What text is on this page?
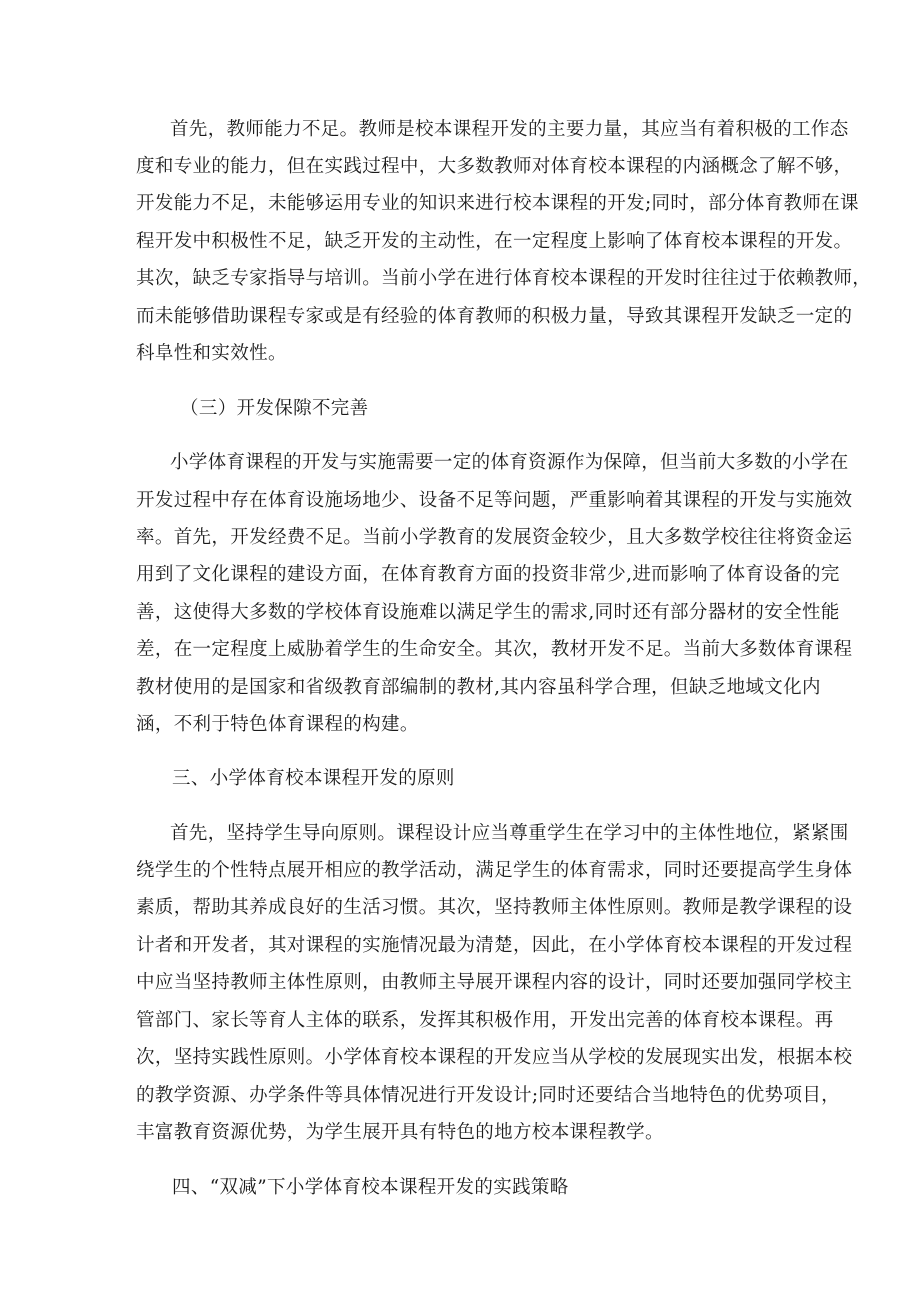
首先，教师能力不足。教师是校本课程开发的主要力量，其应当有着积极的工作态
度和专业的能力，但在实践过程中，大多数教师对体育校本课程的内涵概念了解不够，
开发能力不足，未能够运用专业的知识来进行校本课程的开发;同时，部分体育教师在课
程开发中积极性不足，缺乏开发的主动性，在一定程度上影响了体育校本课程的开发。
其次，缺乏专家指导与培训。当前小学在进行体育校本课程的开发时往往过于依赖教师，
而未能够借助课程专家或是有经验的体育教师的积极力量，导致其课程开发缺乏一定的
科阜性和实效性。
（三）开发保隙不完善
小学体育课程的开发与实施需要一定的体育资源作为保障，但当前大多数的小学在
开发过程中存在体育设施场地少、设备不足等问题，严重影响着其课程的开发与实施效
率。首先，开发经费不足。当前小学教育的发展资金较少，且大多数学校往往将资金运
用到了文化课程的建设方面，在体育教育方面的投资非常少,进而影响了体育设备的完
善，这使得大多数的学校体育设施难以满足学生的需求,同时还有部分器材的安全性能
差，在一定程度上威胁着学生的生命安全。其次，教材开发不足。当前大多数体育课程
教材使用的是国家和省级教育部编制的教材,其内容虽科学合理，但缺乏地域文化内
涵，不利于特色体育课程的构建。
三、小学体育校本课程开发的原则
首先，坚持学生导向原则。课程设计应当尊重学生在学习中的主体性地位，紧紧围
绕学生的个性特点展开相应的教学活动，满足学生的体育需求，同时还要提高学生身体
素质，帮助其养成良好的生活习惯。其次，坚持教师主体性原则。教师是教学课程的设
计者和开发者，其对课程的实施情况最为清楚，因此，在小学体育校本课程的开发过程
中应当坚持教师主体性原则，由教师主导展开课程内容的设计，同时还要加强同学校主
管部门、家长等育人主体的联系，发挥其积极作用，开发出完善的体育校本课程。再
次，坚持实践性原则。小学体育校本课程的开发应当从学校的发展现实出发，根据本校
的教学资源、办学条件等具体情况进行开发设计;同时还要结合当地特色的优势项目，
丰富教育资源优势，为学生展开具有特色的地方校本课程教学。
四、“双减”下小学体育校本课程开发的实践策略
